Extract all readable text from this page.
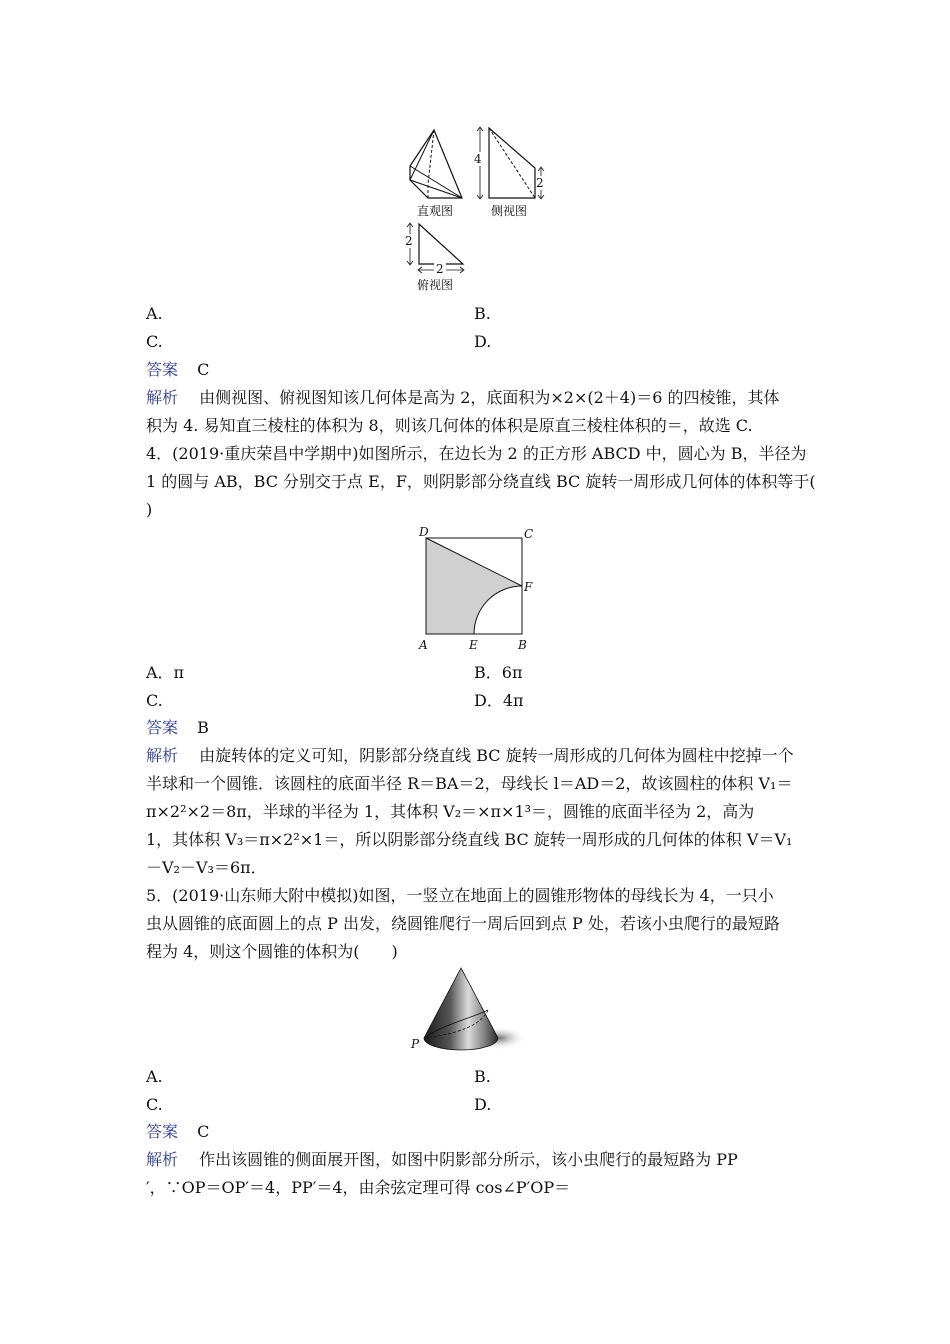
直观图
4
2
侧视图
2
2
俯视图
A.	B.
C.	D.
答案 C
解析 由侧视图、俯视图知该几何体是高为 2，底面积为×2×(2＋4)＝6 的四棱锥，其体
积为 4. 易知直三棱柱的体积为 8，则该几何体的体积是原直三棱柱体积的＝，故选 C.
4．(2019·重庆荣昌中学期中)如图所示，在边长为 2 的正方形 ABCD 中，圆心为 B，半径为
1 的圆与 AB，BC 分别交于点 E，F，则阴影部分绕直线 BC 旋转一周形成几何体的体积等于(
)
D	C
F
A	E	B
A．π	B．6π
C.	D．4π
答案 B
解析 由旋转体的定义可知，阴影部分绕直线 BC 旋转一周形成的几何体为圆柱中挖掉一个
半球和一个圆锥．该圆柱的底面半径 R＝BA＝2，母线长 l＝AD＝2，故该圆柱的体积 V₁＝
π×2²×2＝8π，半球的半径为 1，其体积 V₂＝×π×1³＝，圆锥的底面半径为 2，高为
1，其体积 V₃＝π×2²×1＝，所以阴影部分绕直线 BC 旋转一周形成的几何体的体积 V＝V₁
－V₂－V₃＝6π．
5．(2019·山东师大附中模拟)如图，一竖立在地面上的圆锥形物体的母线长为 4，一只小
虫从圆锥的底面圆上的点 P 出发，绕圆锥爬行一周后回到点 P 处，若该小虫爬行的最短路
程为 4，则这个圆锥的体积为(　　)
P
A.	B.
C.	D.
答案 C
解析 作出该圆锥的侧面展开图，如图中阴影部分所示，该小虫爬行的最短路为 PP
′，∵OP＝OP′＝4，PP′＝4，由余弦定理可得 cos∠P′OP＝
